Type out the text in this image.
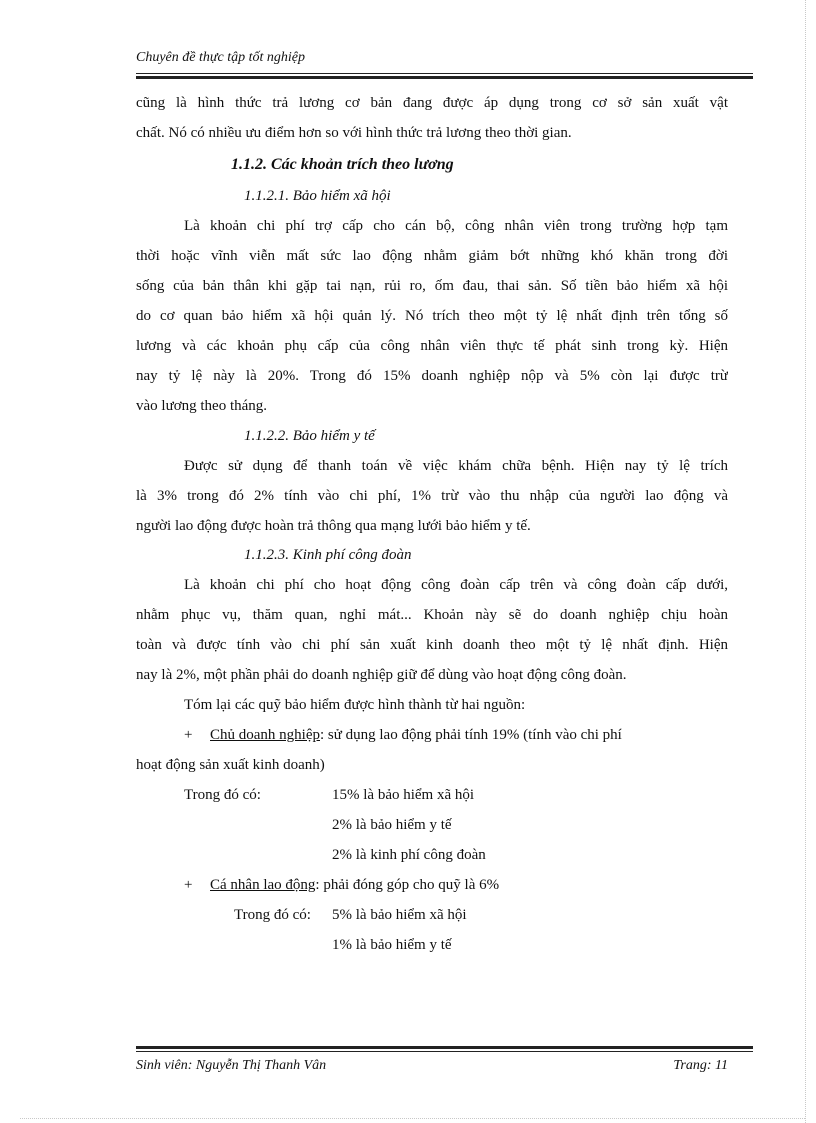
Chuyên đề thực tập tốt nghiệp
cũng là hình thức trả lương cơ bản đang được áp dụng trong cơ sở sản xuất vật
chất. Nó có nhiều ưu điểm hơn so với hình thức trả lương theo thời gian.
1.1.2. Các khoản trích theo lương
1.1.2.1. Bảo hiểm xã hội
Là khoản chi phí trợ cấp cho cán bộ, công nhân viên trong trường hợp tạm
thời hoặc vĩnh viễn mất sức lao động nhằm giảm bớt những khó khăn trong đời
sống của bản thân khi gặp tai nạn, rủi ro, ốm đau, thai sản. Số tiền bảo hiểm xã hội
do cơ quan bảo hiểm xã hội quản lý. Nó trích theo một tỷ lệ nhất định trên tổng số
lương và các khoản phụ cấp của công nhân viên thực tế phát sinh trong kỳ. Hiện
nay tỷ lệ này là 20%. Trong đó 15% doanh nghiệp nộp và 5% còn lại được trừ
vào lương theo tháng.
1.1.2.2. Bảo hiểm y tế
Được sử dụng để thanh toán về việc khám chữa bệnh. Hiện nay tỷ lệ trích
là 3% trong đó 2% tính vào chi phí, 1% trừ vào thu nhập của người lao động và
người lao động được hoàn trả thông qua mạng lưới bảo hiểm y tế.
1.1.2.3. Kinh phí công đoàn
Là khoản chi phí cho hoạt động công đoàn cấp trên và công đoàn cấp dưới,
nhằm phục vụ, thăm quan, nghỉ mát... Khoản này sẽ do doanh nghiệp chịu hoàn
toàn và được tính vào chi phí sản xuất kinh doanh theo một tỷ lệ nhất định. Hiện
nay là 2%, một phần phải do doanh nghiệp giữ để dùng vào hoạt động công đoàn.
Tóm lại các quỹ bảo hiểm được hình thành từ hai nguồn:
+	Chủ doanh nghiệp: sử dụng lao động phải tính 19% (tính vào chi phí
hoạt động sản xuất kinh doanh)
Trong đó có:	15% là bảo hiểm xã hội
2% là bảo hiểm y tế
2% là kinh phí công đoàn
+	Cá nhân lao động: phải đóng góp cho quỹ là 6%
Trong đó có: 5% là bảo hiểm xã hội
1% là bảo hiểm y tế
Sinh viên: Nguyễn Thị Thanh Vân	Trang: 11
